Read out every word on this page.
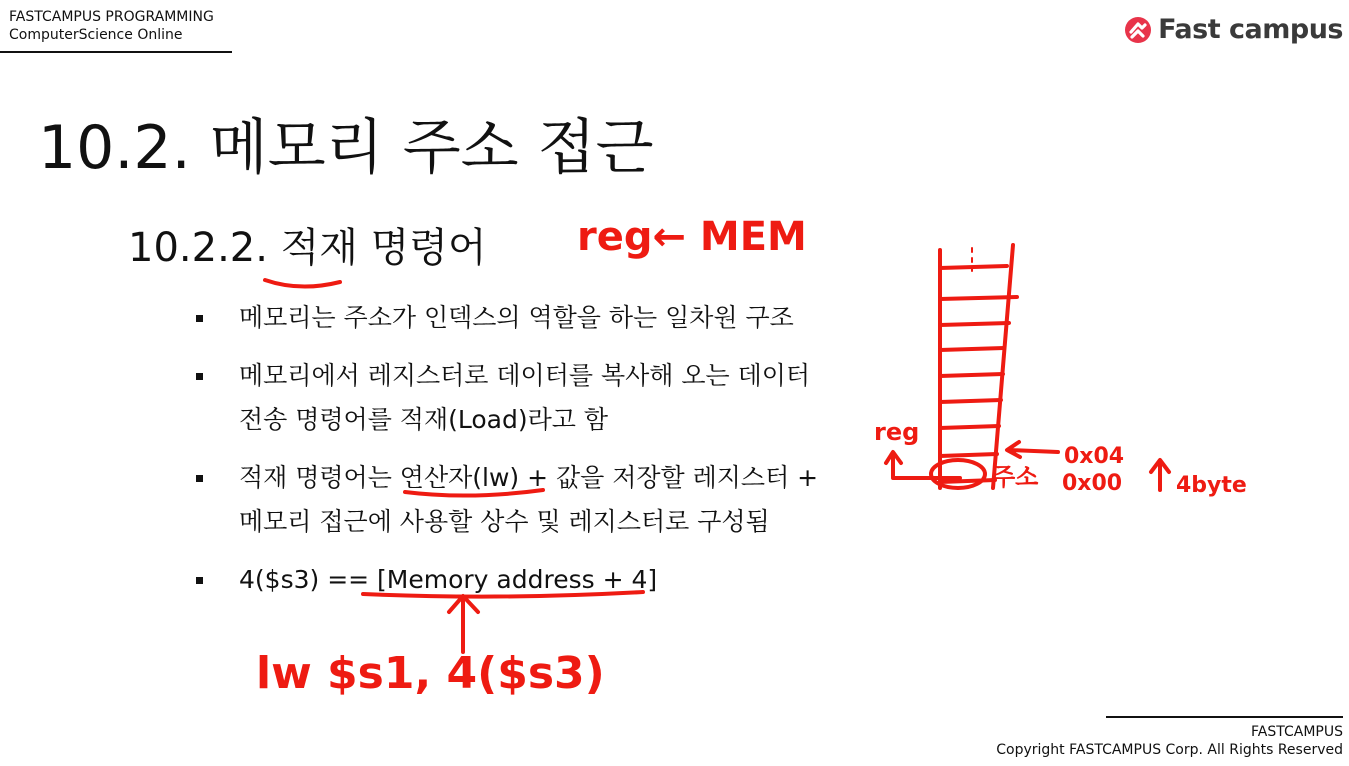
FASTCAMPUS PROGRAMMING
ComputerScience Online	Fast campus
10.2. 메모리 주소 접근
10.2.2. 적재 명령어
메모리는 주소가 인덱스의 역할을 하는 일차원 구조
메모리에서 레지스터로 데이터를 복사해 오는 데이터
전송 명령어를 적재(Load)라고 함
적재 명령어는 연산자(lw) + 값을 저장할 레지스터 +
메모리 접근에 사용할 상수 및 레지스터로 구성됨
4($s3) == [Memory address + 4]
reg← MEM
reg
주소
0x04
0x00 4byte
lw $s1, 4($s3)
FASTCAMPUS
Copyright FASTCAMPUS Corp. All Rights Reserved
